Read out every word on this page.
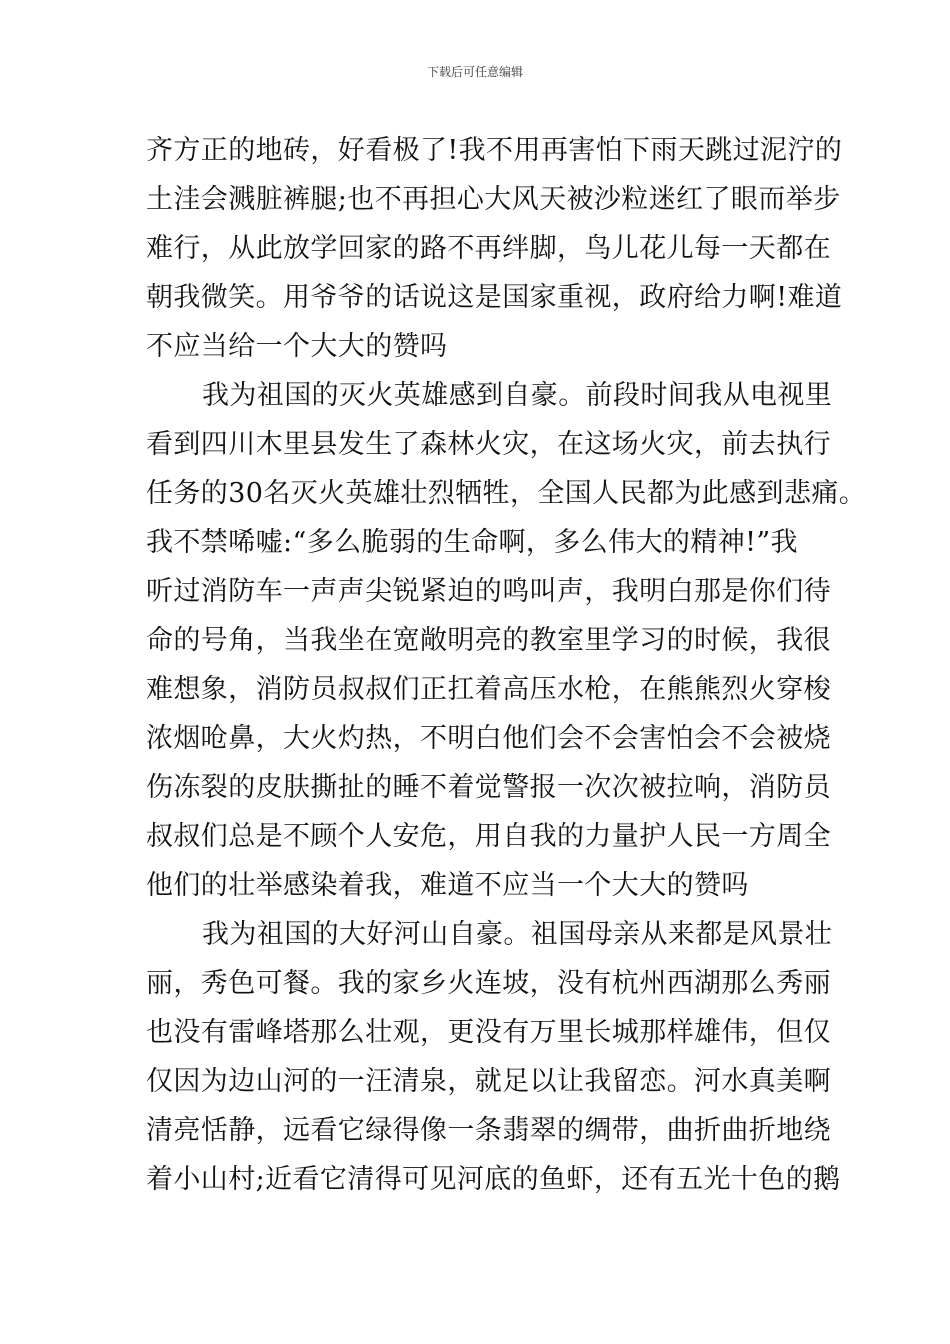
下载后可任意编辑
齐方正的地砖，好看极了!我不用再害怕下雨天跳过泥泞的
土洼会溅脏裤腿;也不再担心大风天被沙粒迷红了眼而举步
难行，从此放学回家的路不再绊脚，鸟儿花儿每一天都在
朝我微笑。用爷爷的话说这是国家重视，政府给力啊!难道
不应当给一个大大的赞吗
我为祖国的灭火英雄感到自豪。前段时间我从电视里
看到四川木里县发生了森林火灾，在这场火灾，前去执行
任务的30名灭火英雄壮烈牺牲，全国人民都为此感到悲痛。
我不禁唏嘘:“多么脆弱的生命啊，多么伟大的精神!”我
听过消防车一声声尖锐紧迫的鸣叫声，我明白那是你们待
命的号角，当我坐在宽敞明亮的教室里学习的时候，我很
难想象，消防员叔叔们正扛着高压水枪，在熊熊烈火穿梭
浓烟呛鼻，大火灼热，不明白他们会不会害怕会不会被烧
伤冻裂的皮肤撕扯的睡不着觉警报一次次被拉响，消防员
叔叔们总是不顾个人安危，用自我的力量护人民一方周全
他们的壮举感染着我，难道不应当一个大大的赞吗
我为祖国的大好河山自豪。祖国母亲从来都是风景壮
丽，秀色可餐。我的家乡火连坡，没有杭州西湖那么秀丽
也没有雷峰塔那么壮观，更没有万里长城那样雄伟，但仅
仅因为边山河的一汪清泉，就足以让我留恋。河水真美啊
清亮恬静，远看它绿得像一条翡翠的绸带，曲折曲折地绕
着小山村;近看它清得可见河底的鱼虾，还有五光十色的鹅
